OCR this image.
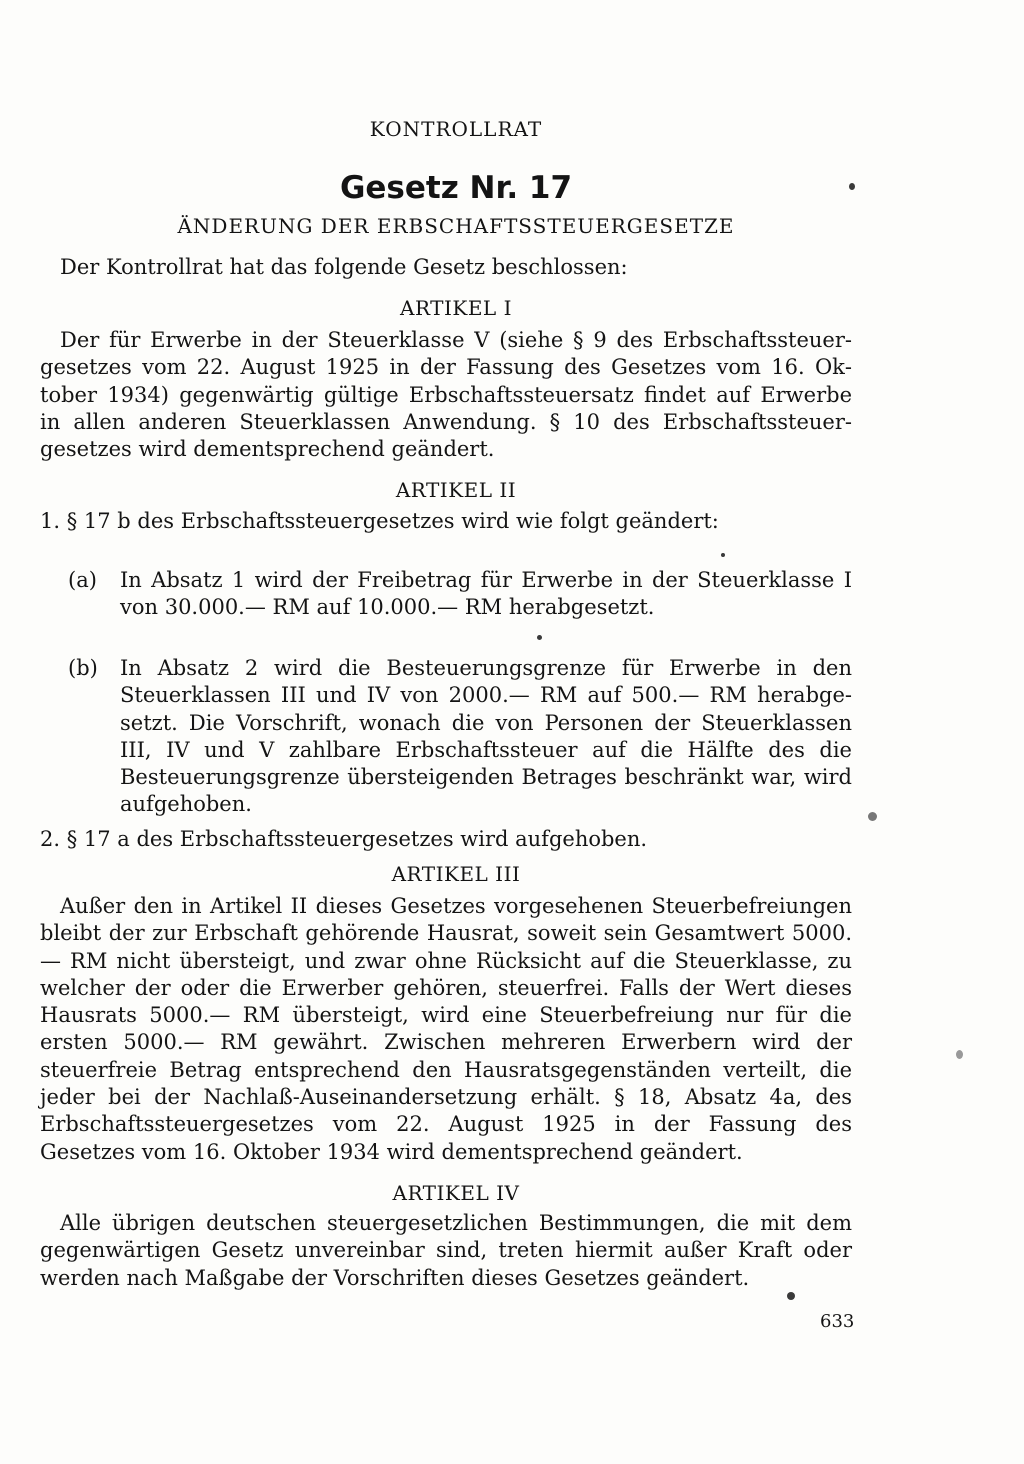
KONTROLLRAT
Gesetz Nr. 17
ÄNDERUNG DER ERBSCHAFTSSTEUERGESETZE
Der Kontrollrat hat das folgende Gesetz beschlossen:
ARTIKEL I
Der für Erwerbe in der Steuerklasse V (siehe § 9 des Erbschaftssteuergesetzes vom 22. August 1925 in der Fassung des Gesetzes vom 16. Oktober 1934) gegenwärtig gültige Erbschaftssteuersatz findet auf Erwerbe in allen anderen Steuerklassen Anwendung. § 10 des Erbschaftssteuergesetzes wird dementsprechend geändert.
ARTIKEL II
1. § 17 b des Erbschaftssteuergesetzes wird wie folgt geändert:
(a) In Absatz 1 wird der Freibetrag für Erwerbe in der Steuerklasse I von 30.000.— RM auf 10.000.— RM herabgesetzt.
(b) In Absatz 2 wird die Besteuerungsgrenze für Erwerbe in den Steuerklassen III und IV von 2000.— RM auf 500.— RM herabgesetzt. Die Vorschrift, wonach die von Personen der Steuerklassen III, IV und V zahlbare Erbschaftssteuer auf die Hälfte des die Besteuerungsgrenze übersteigenden Betrages beschränkt war, wird aufgehoben.
2. § 17 a des Erbschaftssteuergesetzes wird aufgehoben.
ARTIKEL III
Außer den in Artikel II dieses Gesetzes vorgesehenen Steuerbefreiungen bleibt der zur Erbschaft gehörende Hausrat, soweit sein Gesamtwert 5000.— RM nicht übersteigt, und zwar ohne Rücksicht auf die Steuerklasse, zu welcher der oder die Erwerber gehören, steuerfrei. Falls der Wert dieses Hausrats 5000.— RM übersteigt, wird eine Steuerbefreiung nur für die ersten 5000.— RM gewährt. Zwischen mehreren Erwerbern wird der steuerfreie Betrag entsprechend den Hausratsgegenständen verteilt, die jeder bei der Nachlaß-Auseinandersetzung erhält. § 18, Absatz 4a, des Erbschaftssteuergesetzes vom 22. August 1925 in der Fassung des Gesetzes vom 16. Oktober 1934 wird dementsprechend geändert.
ARTIKEL IV
Alle übrigen deutschen steuergesetzlichen Bestimmungen, die mit dem gegenwärtigen Gesetz unvereinbar sind, treten hiermit außer Kraft oder werden nach Maßgabe der Vorschriften dieses Gesetzes geändert.
633
